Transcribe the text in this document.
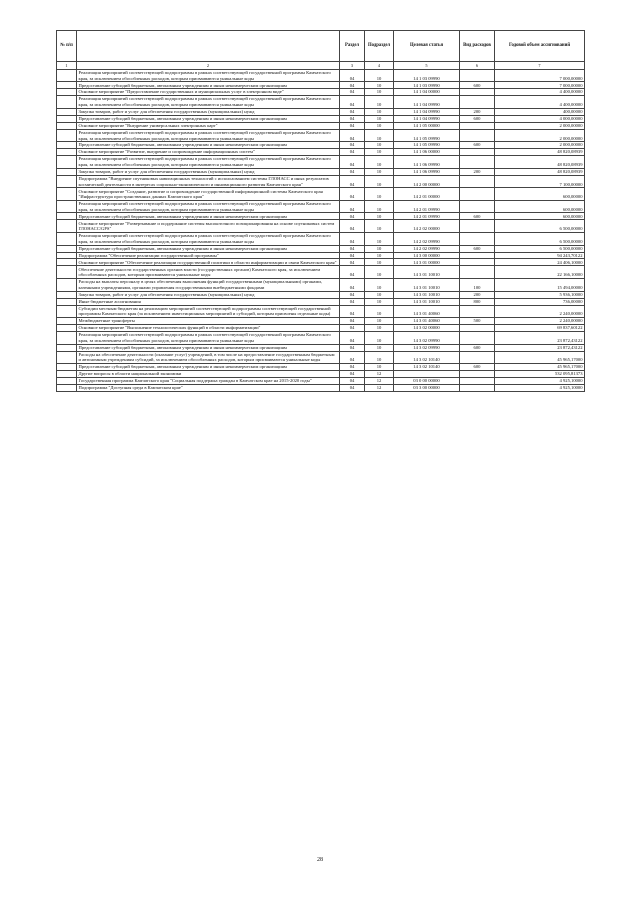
№ п/п		Раздел	Подраздел	Целевая статья	Вид расходов	Годовой объем ассигнований
1	2	3	4	5	6	7
	Реализация мероприятий соответствующей подпрограммы в рамках соответствующей государственной программы Камчатского края, за исключением обособленных расходов, которым присваиваются уникальные коды	04	10	14 1 03 09990		7 000,00000
	Предоставление субсидий бюджетным, автономным учреждениям и иным некоммерческим организациям	04	10	14 1 03 09990	600	7 000,00000
	Основное мероприятие "Предоставление государственных и муниципальных услуг в электронном виде"	04	10	14 1 04 00000		4 400,00000
	Реализация мероприятий соответствующей подпрограммы в рамках соответствующей государственной программы Камчатского края, за исключением обособленных расходов, которым присваиваются уникальные коды	04	10	14 1 04 09990		4 400,00000
	Закупка товаров, работ и услуг для обеспечения государственных (муниципальных) нужд	04	10	14 1 04 09990	200	400,00000
	Предоставление субсидий бюджетным, автономным учреждениям и иным некоммерческим организациям	04	10	14 1 04 09990	600	4 000,00000
	Основное мероприятие "Внедрение универсальных электронных карт"	04	10	14 1 05 00000		2 000,00000
	Реализация мероприятий соответствующей подпрограммы в рамках соответствующей государственной программы Камчатского края, за исключением обособленных расходов, которым присваиваются уникальные коды	04	10	14 1 05 09990		2 000,00000
	Предоставление субсидий бюджетным, автономным учреждениям и иным некоммерческим организациям	04	10	14 1 05 09990	600	2 000,00000
	Основное мероприятие "Развитие, внедрение и сопровождение информационных систем"	04	10	14 1 06 00000		48 820,08939
	Реализация мероприятий соответствующей подпрограммы в рамках соответствующей государственной программы Камчатского края, за исключением обособленных расходов, которым присваиваются уникальные коды	04	10	14 1 06 09990		48 820,08939
	Закупка товаров, работ и услуг для обеспечения государственных (муниципальных) нужд	04	10	14 1 06 09990	200	48 820,08939
	Подпрограмма "Внедрение спутниковых навигационных технологий с использованием системы ГЛОНАСС и иных результатов космической деятельности в интересах социально-экономического и инновационного развития Камчатского края"	04	10	14 2 00 00000		7 100,00000
	Основное мероприятие "Создание, развитие и сопровождение государственной информационной системы Камчатского края "Инфраструктура пространственных данных Камчатского края"	04	10	14 2 01 00000		600,00000
	Реализация мероприятий соответствующей подпрограммы в рамках соответствующей государственной программы Камчатского края, за исключением обособленных расходов, которым присваиваются уникальные коды	04	10	14 2 01 09990		600,00000
	Предоставление субсидий бюджетным, автономным учреждениям и иным некоммерческим организациям	04	10	14 2 01 09990	600	600,00000
	Основное мероприятие "Развертывание и поддержание системы высокоточного позиционирования на основе спутниковых систем ГЛОНАСС/GPS"	04	10	14 2 02 00000		6 500,00000
	Реализация мероприятий соответствующей подпрограммы в рамках соответствующей государственной программы Камчатского края, за исключением обособленных расходов, которым присваиваются уникальные коды	04	10	14 2 02 09990		6 500,00000
	Предоставление субсидий бюджетным, автономным учреждениям и иным некоммерческим организациям	04	10	14 2 02 09990	600	6 500,00000
	Подпрограмма "Обеспечение реализации государственной программы"	04	10	14 3 00 00000		94 243,70122
	Основное мероприятие "Обеспечение реализации государственной политики в области информатизации и связи Камчатского края"	04	10	14 3 01 00000		24 406,10000
	Обеспечение деятельности государственных органов власти (государственных органов) Камчатского края, за исключением обособленных расходов, которым присваиваются уникальные коды	04	10	14 3 01 10010		22 166,10000
	Расходы на выплаты персоналу в целях обеспечения выполнения функций государственными (муниципальными) органами, казенными учреждениями, органами управления государственными внебюджетными фондами	04	10	14 3 01 10010	100	15 494,00000
	Закупка товаров, работ и услуг для обеспечения государственных (муниципальных) нужд	04	10	14 3 01 10010	200	5 936,10000
	Иные бюджетные ассигнования	04	10	14 3 01 10010	800	736,00000
	Субсидии местным бюджетам на реализацию мероприятий соответствующей подпрограммы соответствующей государственной программы Камчатского края (за исключением инвестиционных мероприятий и субсидий, которым присвоены отдельные коды)	04	10	14 3 01 40060		2 240,00000
	Межбюджетные трансферты	04	10	14 3 01 40060	500	2 240,00000
	Основное мероприятие "Выполнение технологических функций в области информатизации"	04	10	14 3 02 00000		69 837,60122
	Реализация мероприятий соответствующей подпрограммы в рамках соответствующей государственной программы Камчатского края, за исключением обособленных расходов, которым присваиваются уникальные коды	04	10	14 3 02 09990		23 872,43122
	Предоставление субсидий бюджетным, автономным учреждениям и иным некоммерческим организациям	04	10	14 3 02 09990	600	23 872,43122
	Расходы на обеспечение деятельности (оказание услуг) учреждений, в том числе на предоставление государственным бюджетным и автономным учреждениям субсидий, за исключением обособленных расходов, которым присваиваются уникальные коды	04	10	14 3 02 10140		45 965,17000
	Предоставление субсидий бюджетным, автономным учреждениям и иным некоммерческим организациям	04	10	14 3 02 10140	600	45 965,17000
	Другие вопросы в области национальной экономики	04	12			532 095,81373
	Государственная программа Камчатского края "Социальная поддержка граждан в Камчатском крае на 2015-2020 годы"	04	12	03 0 00 00000		4 925,10000
	Подпрограмма "Доступная среда в Камчатском крае"	04	12	03 3 00 00000		4 925,10000
28
